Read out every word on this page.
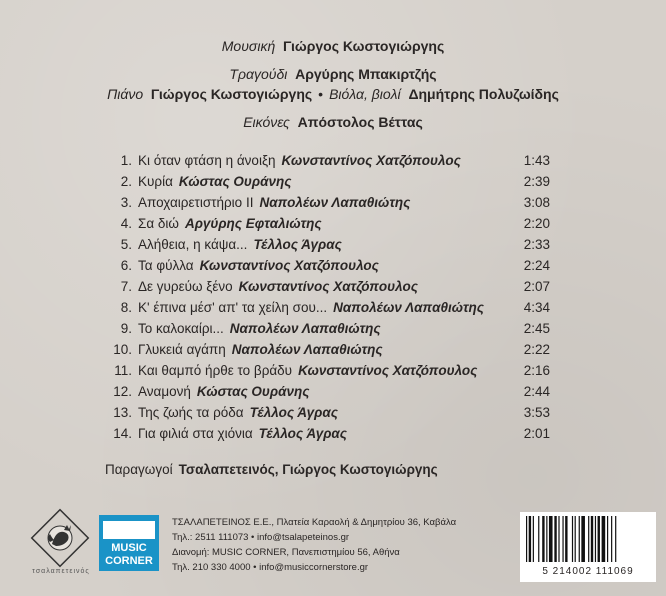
Μουσική Γιώργος Κωστογιώργης
Τραγούδι Αργύρης Μπακιρτζής
Πιάνο Γιώργος Κωστογιώργης • Βιόλα, βιολί Δημήτρης Πολυζωίδης
Εικόνες Απόστολος Βέττας
1. Κι όταν φτάση η άνοιξη Κωνσταντίνος Χατζόπουλος	1:43
2. Κυρία Κώστας Ουράνης	2:39
3. Αποχαιρετιστήριο ΙΙ Ναπολέων Λαπαθιώτης	3:08
4. Σα διώ Αργύρης Εφταλιώτης	2:20
5. Αλήθεια, η κάψα... Τέλλος Άγρας	2:33
6. Τα φύλλα Κωνσταντίνος Χατζόπουλος	2:24
7. Δε γυρεύω ξένο Κωνσταντίνος Χατζόπουλος	2:07
8. Κ' έπινα μέσ' απ' τα χείλη σου... Ναπολέων Λαπαθιώτης	4:34
9. Το καλοκαίρι... Ναπολέων Λαπαθιώτης	2:45
10. Γλυκειά αγάπη Ναπολέων Λαπαθιώτης	2:22
11. Και θαμπό ήρθε το βράδυ Κωνσταντίνος Χατζόπουλος	2:16
12. Αναμονή Κώστας Ουράνης	2:44
13. Της ζωής τα ρόδα Τέλλος Άγρας	3:53
14. Για φιλιά στα χιόνια Τέλλος Άγρας	2:01
Παραγωγοί Τσαλαπετεινός, Γιώργος Κωστογιώργης
τσαλαπετεινός
MUSIC
CORNER
ΤΣΑΛΑΠΕΤΕΙΝΟΣ Ε.Ε., Πλατεία Καραολή & Δημητρίου 36, Καβάλα
Τηλ.: 2511 111073 • info@tsalapeteinos.gr
Διανομή: MUSIC CORNER, Πανεπιστημίου 56, Αθήνα
Τηλ. 210 330 4000 • info@musiccornerstore.gr	5 214002 111069
